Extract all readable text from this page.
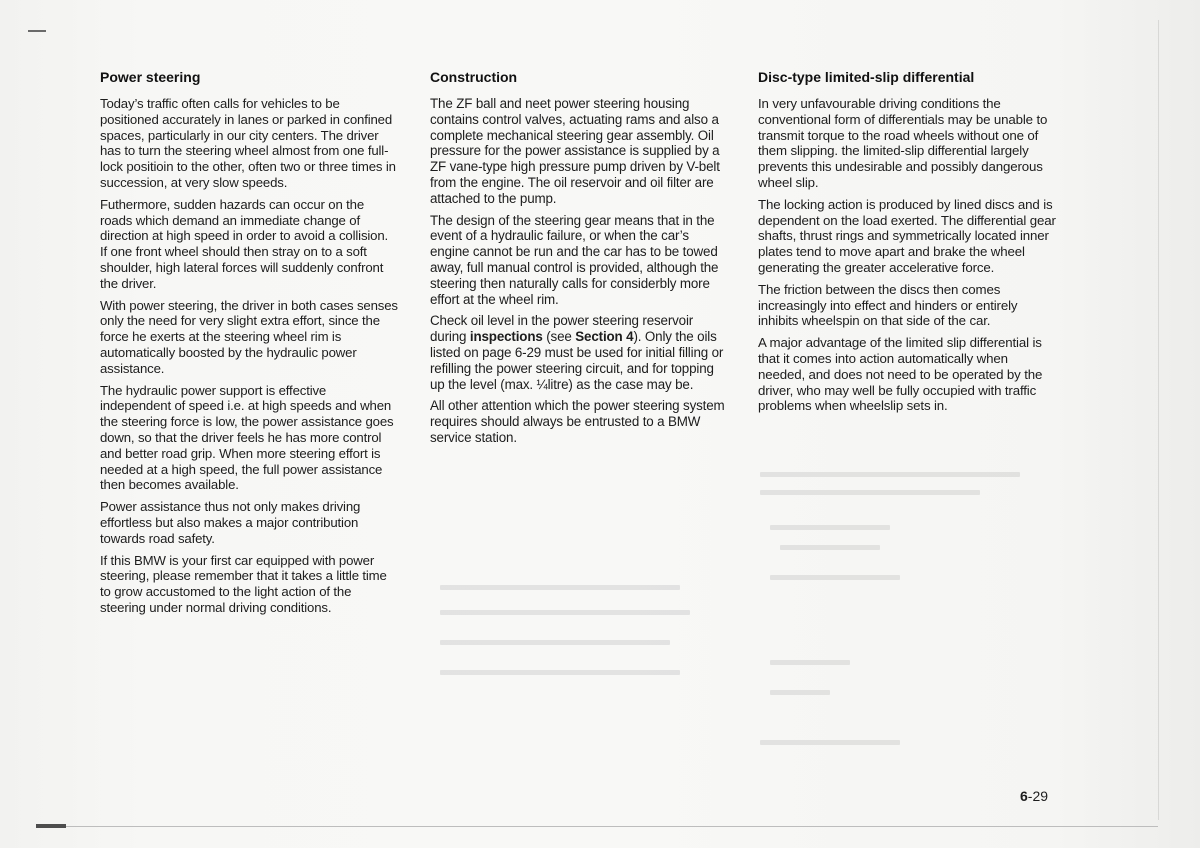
Power steering

Today’s traffic often calls for vehicles to be positioned accurately in lanes or parked in confined spaces, particularly in our city centers. The driver has to turn the steering wheel almost from one full-lock positioin to the other, often two or three times in succession, at very slow speeds.

Futhermore, sudden hazards can occur on the roads which demand an immediate change of direction at high speed in order to avoid a collision. If one front wheel should then stray on to a soft shoulder, high lateral forces will suddenly confront the driver.

With power steering, the driver in both cases senses only the need for very slight extra effort, since the force he exerts at the steering wheel rim is automatically boosted by the hydraulic power assistance.

The hydraulic power support is effective independent of speed i.e. at high speeds and when the steering force is low, the power assistance goes down, so that the driver feels he has more control and better road grip. When more steering effort is needed at a high speed, the full power assistance then becomes available.

Power assistance thus not only makes driving effortless but also makes a major contribution towards road safety.

If this BMW is your first car equipped with power steering, please remember that it takes a little time to grow accustomed to the light action of the steering under normal driving conditions.

Construction

The ZF ball and neet power steering housing contains control valves, actuating rams and also a complete mechanical steering gear assembly. Oil pressure for the power assistance is supplied by a ZF vane-type high pressure pump driven by V-belt from the engine. The oil reservoir and oil filter are attached to the pump.

The design of the steering gear means that in the event of a hydraulic failure, or when the car’s engine cannot be run and the car has to be towed away, full manual control is provided, although the steering then naturally calls for considerbly more effort at the wheel rim.

Check oil level in the power steering reservoir during inspections (see Section 4). Only the oils listed on page 6-29 must be used for initial filling or refilling the power steering circuit, and for topping up the level (max. ¼litre) as the case may be.

All other attention which the power steering system requires should always be entrusted to a BMW service station.

Disc-type limited-slip differential

In very unfavourable driving conditions the conventional form of differentials may be unable to transmit torque to the road wheels without one of them slipping. the limited-slip differential largely prevents this undesirable and possibly dangerous wheel slip.

The locking action is produced by lined discs and is dependent on the load exerted. The differential gear shafts, thrust rings and symmetrically located inner plates tend to move apart and brake the wheel generating the greater accelerative force.

The friction between the discs then comes increasingly into effect and hinders or entirely inhibits wheelspin on that side of the car.

A major advantage of the limited slip differential is that it comes into action automatically when needed, and does not need to be operated by the driver, who may well be fully occupied with traffic problems when wheelslip sets in.

6-29
